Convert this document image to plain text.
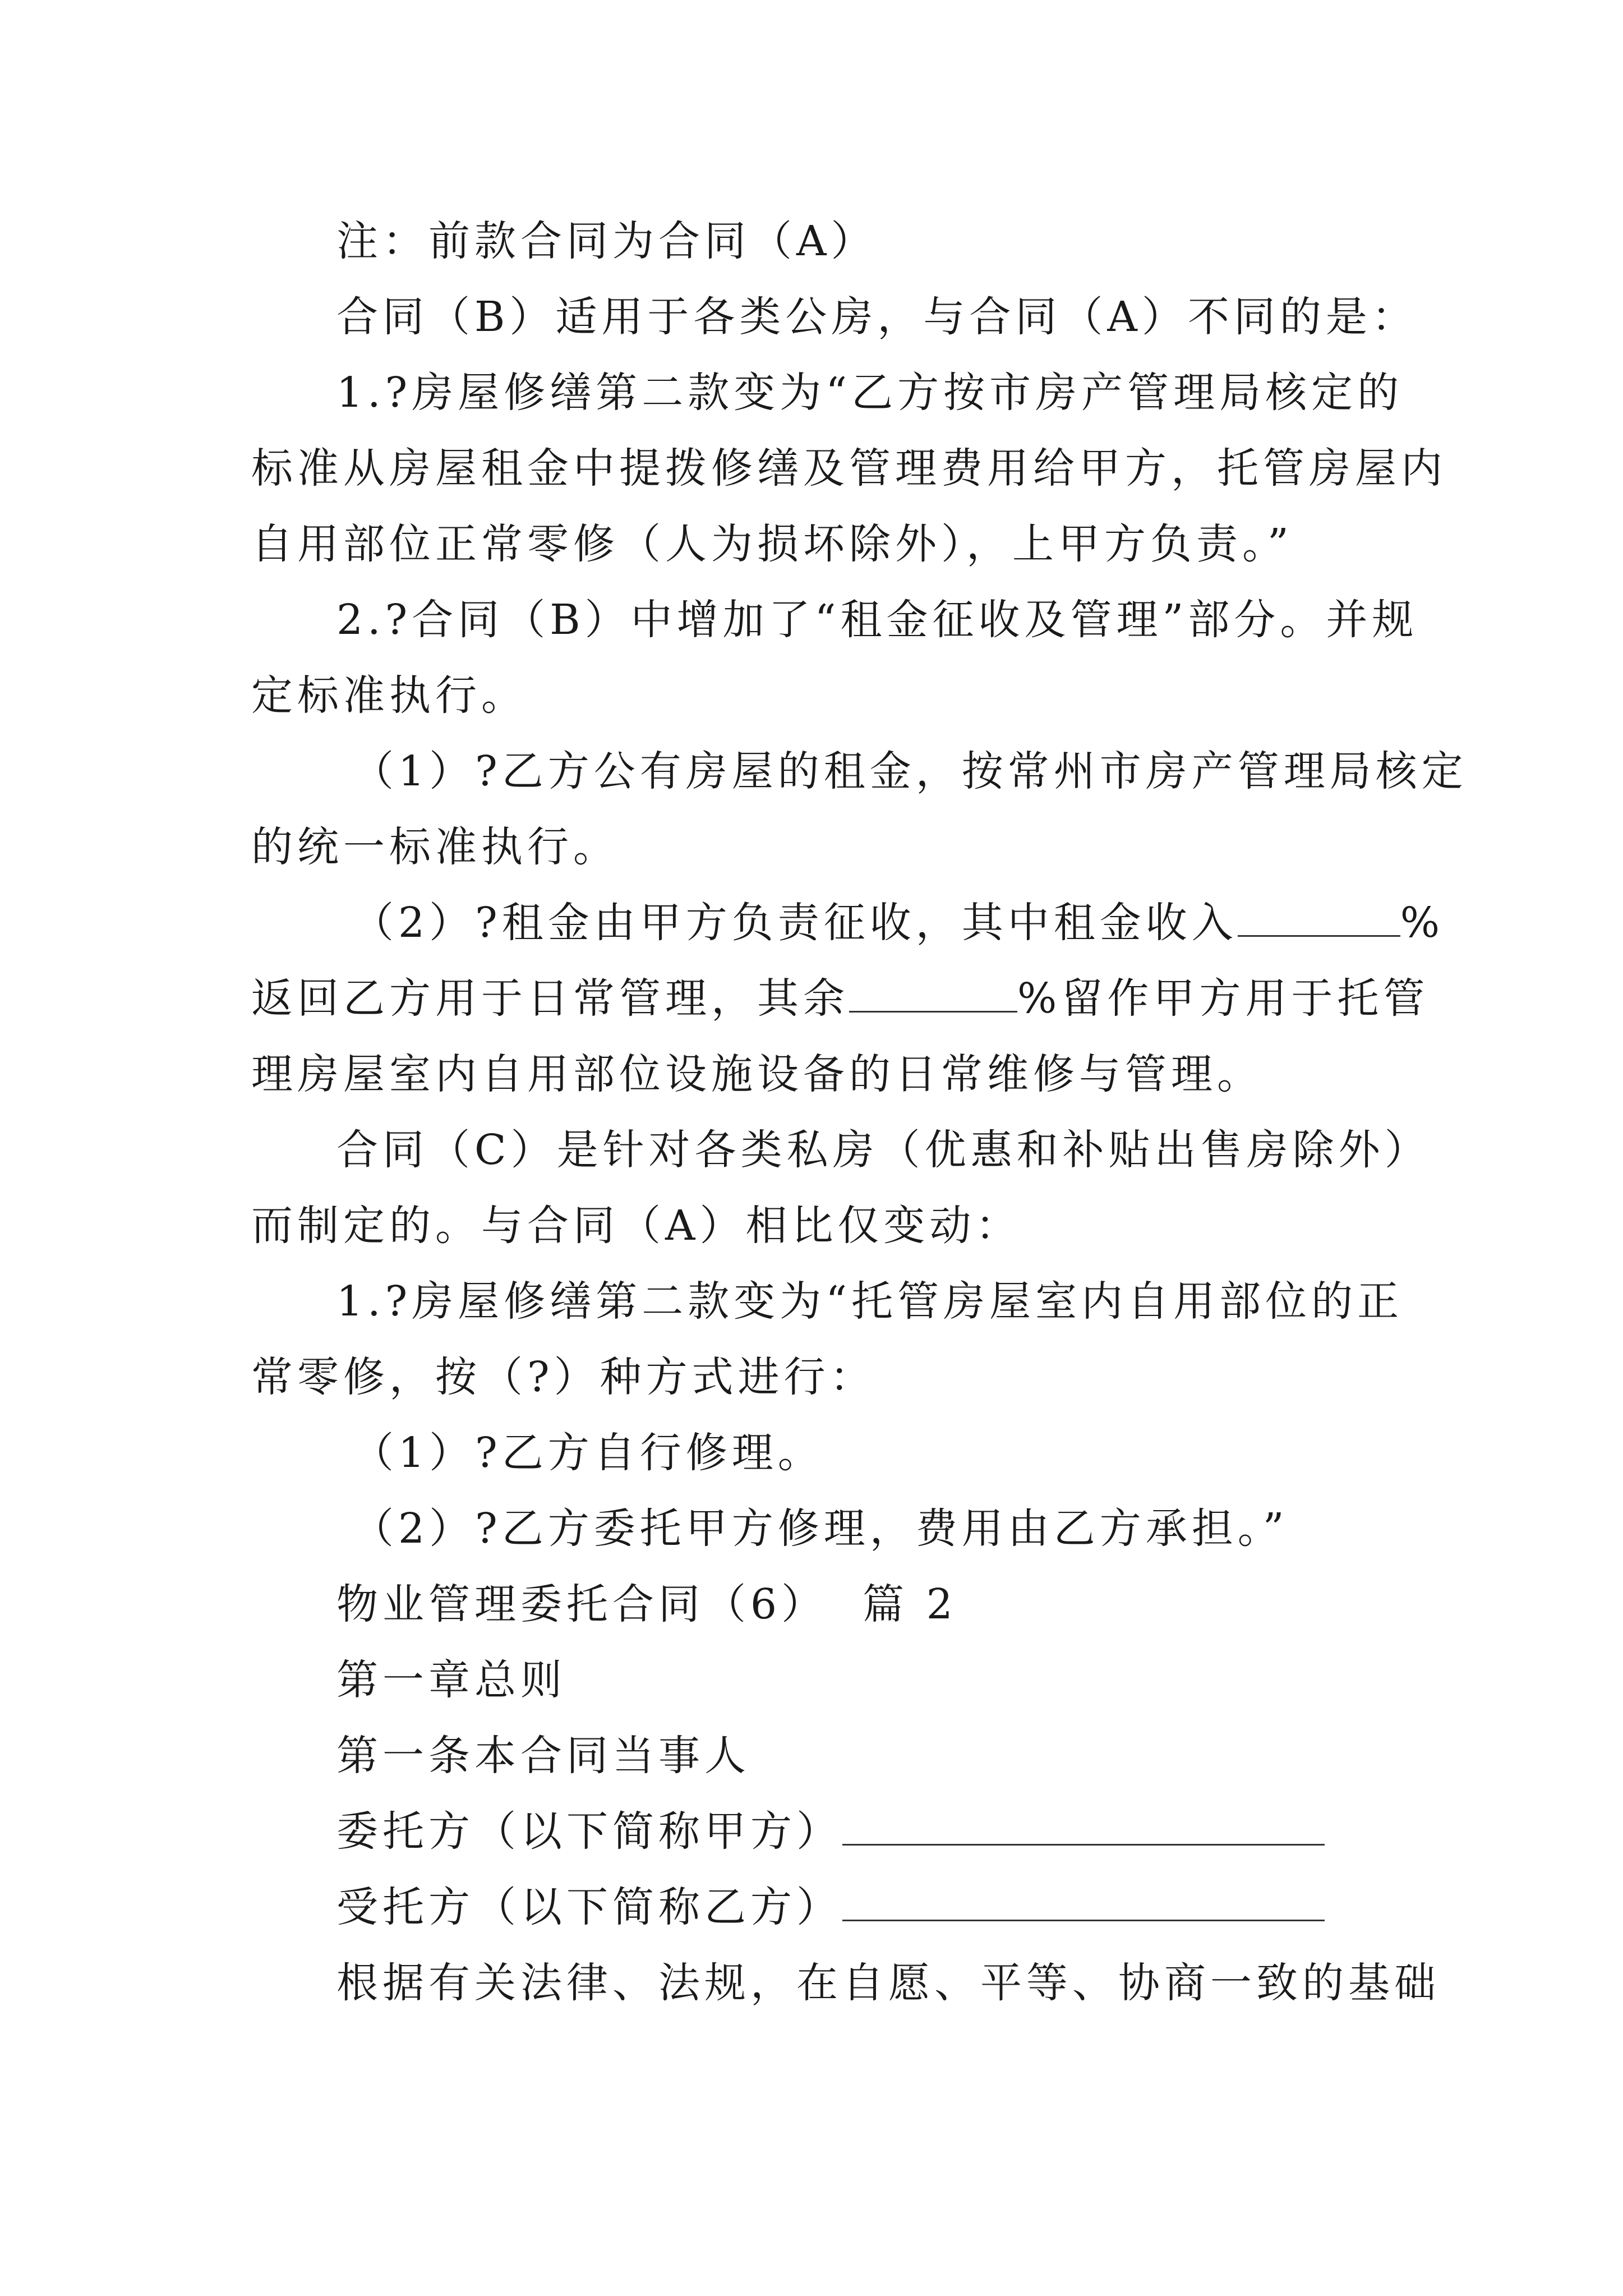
注：前款合同为合同（A）
合同（B）适用于各类公房，与合同（A）不同的是：
1.?房屋修缮第二款变为“乙方按市房产管理局核定的
标准从房屋租金中提拨修缮及管理费用给甲方，托管房屋内
自用部位正常零修（人为损坏除外），上甲方负责。”
2.?合同（B）中增加了“租金征收及管理”部分。并规
定标准执行。
（1）?乙方公有房屋的租金，按常州市房产管理局核定
的统一标准执行。
（2）?租金由甲方负责征收，其中租金收入	%
返回乙方用于日常管理，其余	%留作甲方用于托管
理房屋室内自用部位设施设备的日常维修与管理。
合同（C）是针对各类私房（优惠和补贴出售房除外）
而制定的。与合同（A）相比仅变动：
1.?房屋修缮第二款变为“托管房屋室内自用部位的正
常零修，按（?）种方式进行：
（1）?乙方自行修理。
（2）?乙方委托甲方修理，费用由乙方承担。”
物业管理委托合同（6）  篇 2
第一章总则
第一条本合同当事人
委托方（以下简称甲方）
受托方（以下简称乙方）
根据有关法律、法规，在自愿、平等、协商一致的基础
